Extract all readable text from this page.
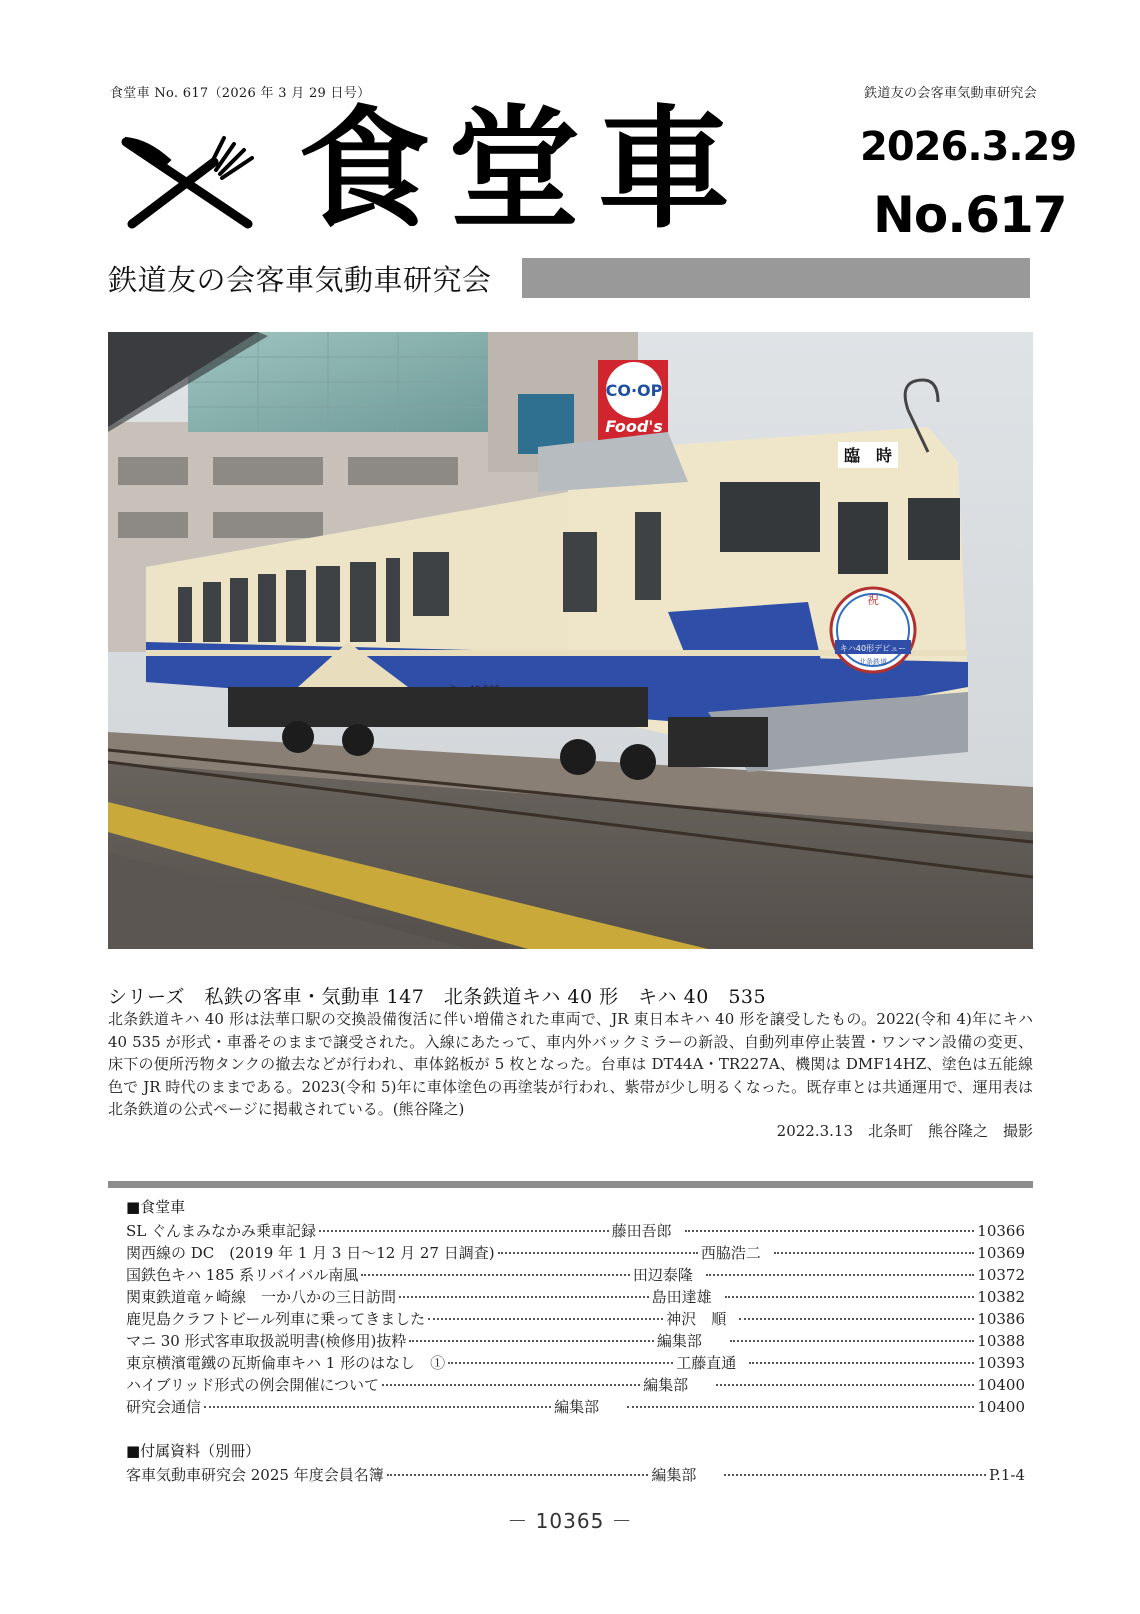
食堂車 No. 617（2026 年 3 月 29 日号）	鉄道友の会客車気動車研究会
食堂車	2026.3.29
No.617
鉄道友の会客車気動車研究会
CO·OP
Food's
臨　時
祝
キハ40形デビュー
北条鉄道
シリーズ　私鉄の客車・気動車 147　北条鉄道キハ 40 形　キハ 40　535
北条鉄道キハ 40 形は法華口駅の交換設備復活に伴い増備された車両で、JR 東日本キハ 40 形を譲受したもの。2022(令和 4)年にキハ 40 535 が形式・車番そのままで譲受された。入線にあたって、車内外バックミラーの新設、自動列車停止装置・ワンマン設備の変更、床下の便所汚物タンクの撤去などが行われ、車体銘板が 5 枚となった。台車は DT44A・TR227A、機関は DMF14HZ、塗色は五能線色で JR 時代のままである。2023(令和 5)年に車体塗色の再塗装が行われ、紫帯が少し明るくなった。既存車とは共通運用で、運用表は北条鉄道の公式ページに掲載されている。(熊谷隆之)
2022.3.13　北条町　熊谷隆之　撮影
■食堂車
SL ぐんまみなかみ乗車記録	藤田吾郎	10366
関西線の DC　(2019 年 1 月 3 日～12 月 27 日調査)	西脇浩二	10369
国鉄色キハ 185 系リバイバル南風	田辺泰隆	10372
関東鉄道竜ヶ崎線　一か八かの三日訪問	島田達雄	10382
鹿児島クラフトビール列車に乗ってきました	神沢　順	10386
マニ 30 形式客車取扱説明書(検修用)抜粋	編集部	10388
東京横濱電鐵の瓦斯倫車キハ 1 形のはなし　①	工藤直通	10393
ハイブリッド形式の例会開催について	編集部	10400
研究会通信	編集部	10400
■付属資料（別冊）
客車気動車研究会 2025 年度会員名簿	編集部	P.1-4
－ 10365 －
